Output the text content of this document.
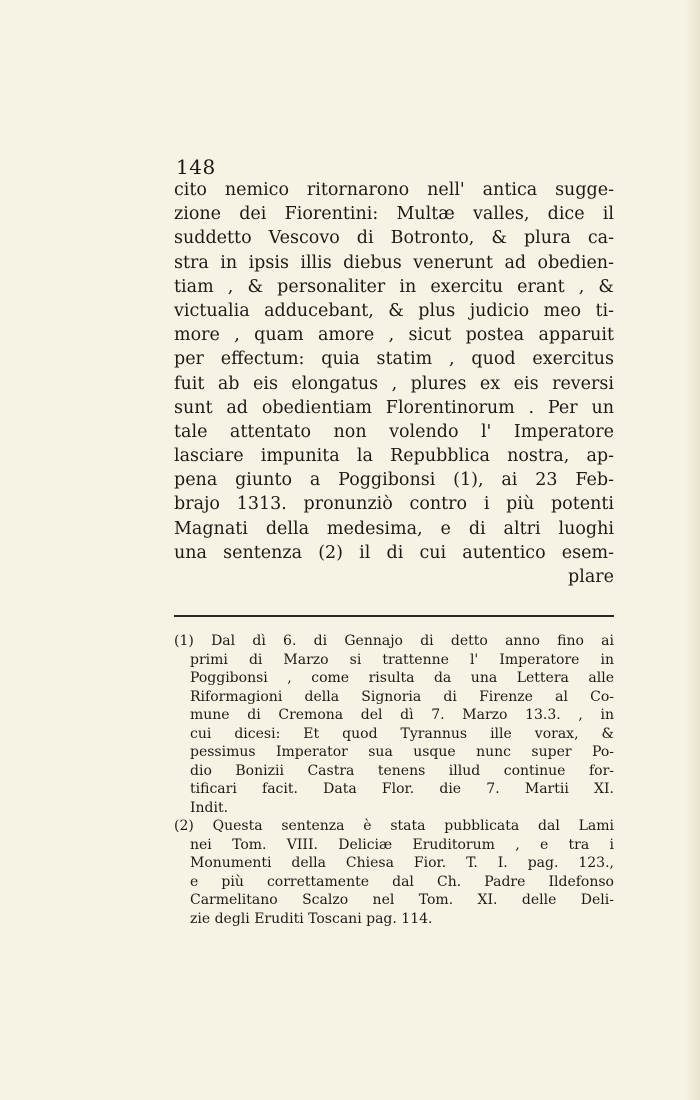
148
cito nemico ritornarono nell' antica sugge-
zione dei Fiorentini: Multæ valles, dice il
suddetto Vescovo di Botronto, & plura ca-
stra in ipsis illis diebus venerunt ad obedien-
tiam , & personaliter in exercitu erant , &
victualia adducebant, & plus judicio meo ti-
more , quam amore , sicut postea apparuit
per effectum: quia statim , quod exercitus
fuit ab eis elongatus , plures ex eis reversi
sunt ad obedientiam Florentinorum . Per un
tale attentato non volendo l' Imperatore
lasciare impunita la Repubblica nostra, ap-
pena giunto a Poggibonsi (1), ai 23 Feb-
brajo 1313. pronunziò contro i più potenti
Magnati della medesima, e di altri luoghi
una sentenza (2) il di cui autentico esem-
plare
(1) Dal dì 6. di Gennajo di detto anno fino ai
primi di Marzo si trattenne l' Imperatore in
Poggibonsi , come risulta da una Lettera alle
Riformagioni della Signoria di Firenze al Co-
mune di Cremona del dì 7. Marzo 13.3. , in
cui dicesi: Et quod Tyrannus ille vorax, &
pessimus Imperator sua usque nunc super Po-
dio Bonizii Castra tenens illud continue for-
tificari facit. Data Flor. die 7. Martii XI.
Indit.
(2) Questa sentenza è stata pubblicata dal Lami
nei Tom. VIII. Deliciæ Eruditorum , e tra i
Monumenti della Chiesa Fior. T. I. pag. 123.,
e più correttamente dal Ch. Padre Ildefonso
Carmelitano Scalzo nel Tom. XI. delle Deli-
zie degli Eruditi Toscani pag. 114.
